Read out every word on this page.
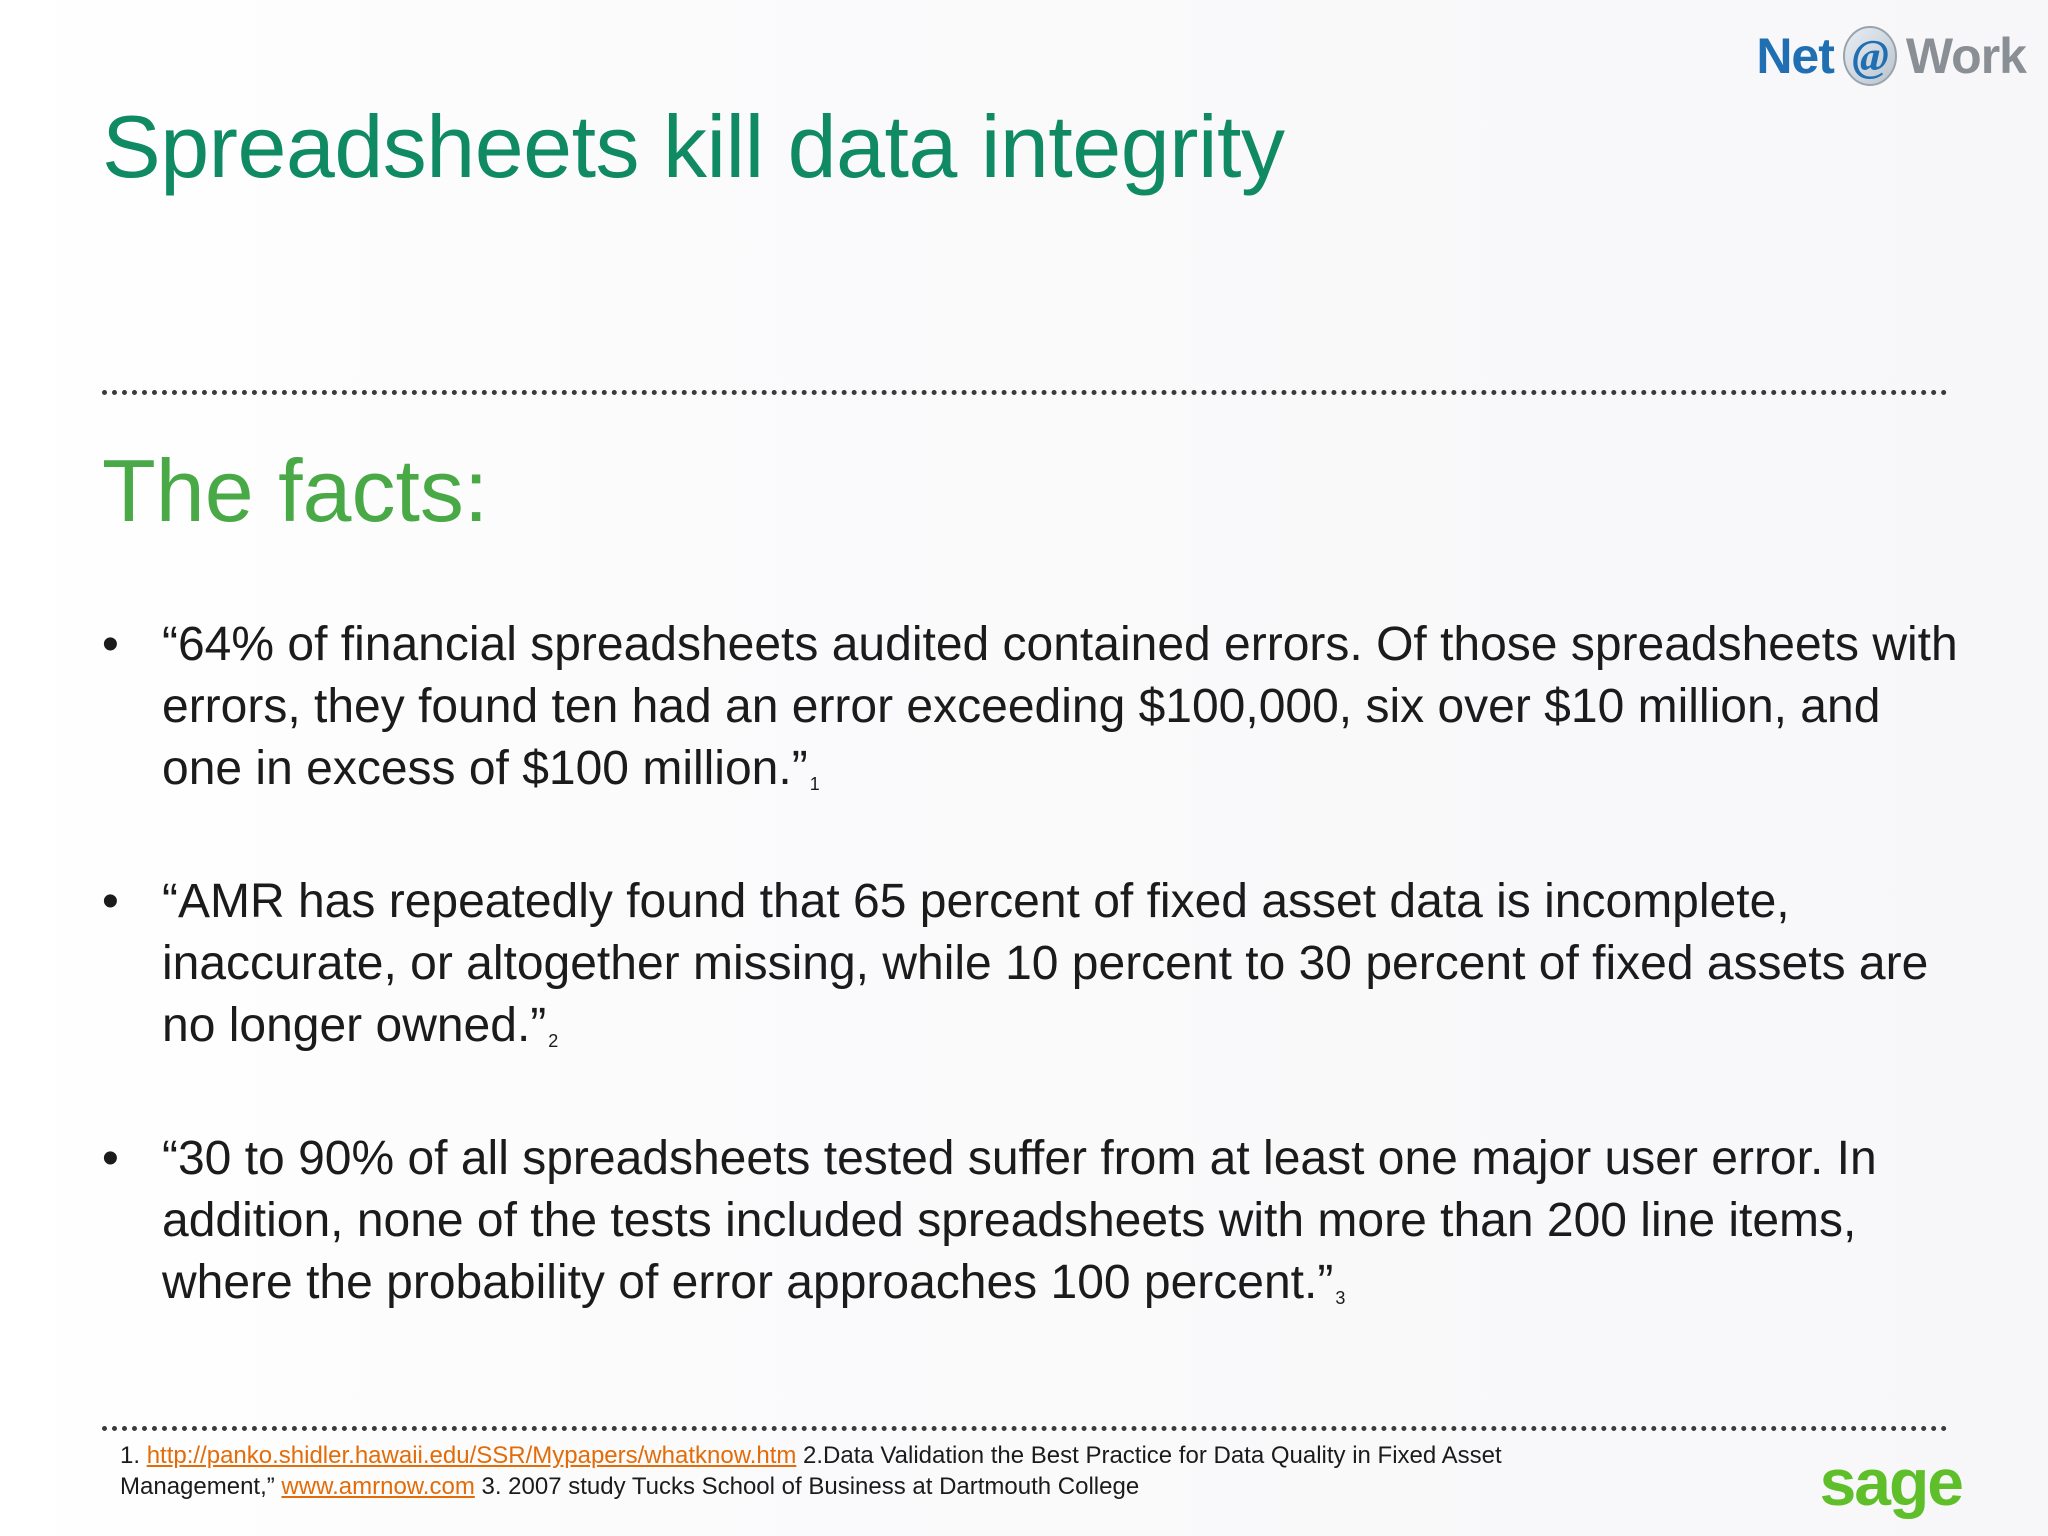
Net @ Work
Spreadsheets kill data integrity
The facts:
• “64% of financial spreadsheets audited contained errors. Of those spreadsheets with errors, they found ten had an error exceeding $100,000, six over $10 million, and one in excess of $100 million.” $_1$
• “AMR has repeatedly found that 65 percent of fixed asset data is incomplete, inaccurate, or altogether missing, while 10 percent to 30 percent of fixed assets are no longer owned.” $_2$
• “30 to 90% of all spreadsheets tested suffer from at least one major user error. In addition, none of the tests included spreadsheets with more than 200 line items, where the probability of error approaches 100 percent.” $_3$

1. http://panko.shidler.hawaii.edu/SSR/Mypapers/whatknow.htm 2.Data Validation the Best Practice for Data Quality in Fixed Asset Management,” www.amrnow.com 3. 2007 study Tucks School of Business at Dartmouth College	sage
